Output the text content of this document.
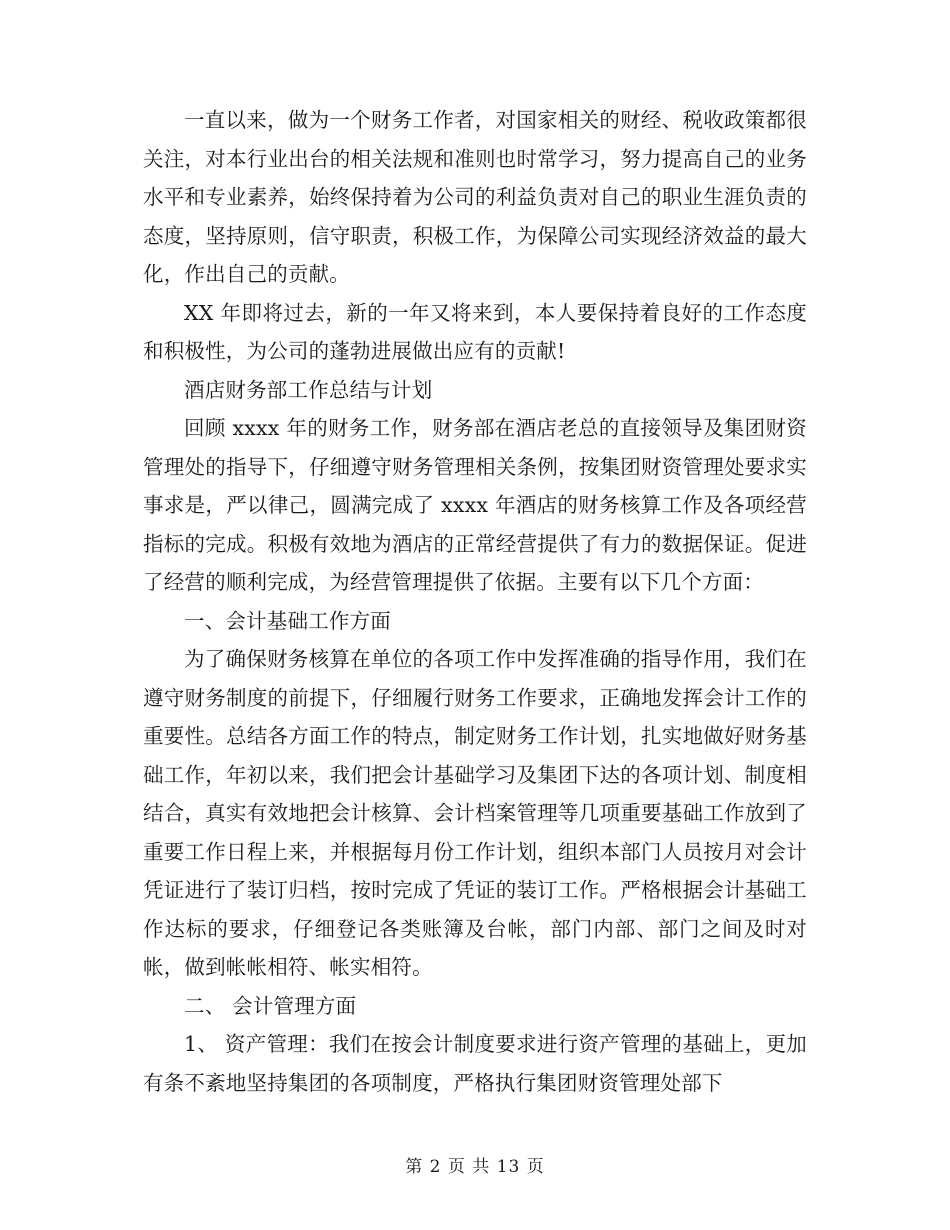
一直以来，做为一个财务工作者，对国家相关的财经、税收政策都很关注，对本行业出台的相关法规和准则也时常学习，努力提高自己的业务水平和专业素养，始终保持着为公司的利益负责对自己的职业生涯负责的态度，坚持原则，信守职责，积极工作，为保障公司实现经济效益的最大化，作出自己的贡献。

XX 年即将过去，新的一年又将来到，本人要保持着良好的工作态度和积极性，为公司的蓬勃进展做出应有的贡献!

酒店财务部工作总结与计划

回顾 xxxx 年的财务工作，财务部在酒店老总的直接领导及集团财资管理处的指导下，仔细遵守财务管理相关条例，按集团财资管理处要求实事求是，严以律己，圆满完成了 xxxx 年酒店的财务核算工作及各项经营指标的完成。积极有效地为酒店的正常经营提供了有力的数据保证。促进了经营的顺利完成，为经营管理提供了依据。主要有以下几个方面：

一、会计基础工作方面

为了确保财务核算在单位的各项工作中发挥准确的指导作用，我们在遵守财务制度的前提下，仔细履行财务工作要求，正确地发挥会计工作的重要性。总结各方面工作的特点，制定财务工作计划，扎实地做好财务基础工作，年初以来，我们把会计基础学习及集团下达的各项计划、制度相结合，真实有效地把会计核算、会计档案管理等几项重要基础工作放到了重要工作日程上来，并根据每月份工作计划，组织本部门人员按月对会计凭证进行了装订归档，按时完成了凭证的装订工作。严格根据会计基础工作达标的要求，仔细登记各类账簿及台帐，部门内部、部门之间及时对帐，做到帐帐相符、帐实相符。

二、 会计管理方面

1、 资产管理：我们在按会计制度要求进行资产管理的基础上，更加有条不紊地坚持集团的各项制度，严格执行集团财资管理处部下

第 2 页 共 13 页
